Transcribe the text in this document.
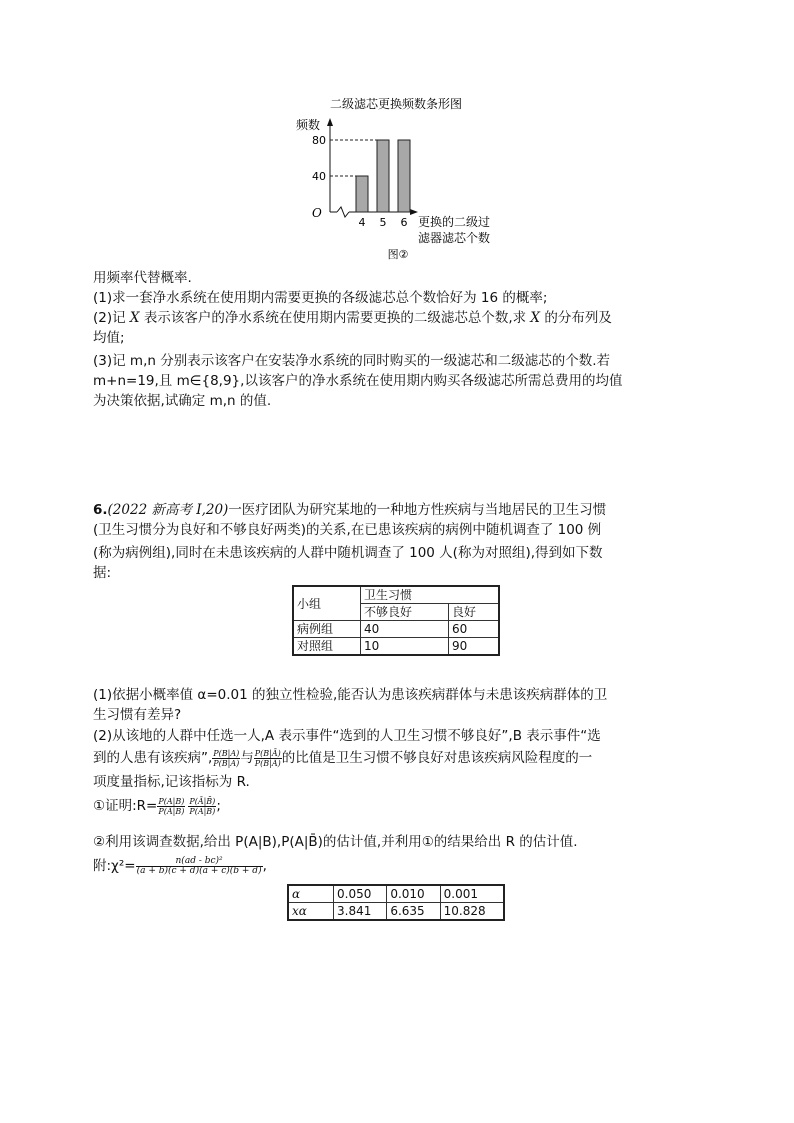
二级滤芯更换频数条形图
频数
O
40
80
4 5 6 更换的二级过
滤器滤芯个数
图②
用频率代替概率.
(1)求一套净水系统在使用期内需要更换的各级滤芯总个数恰好为 16 的概率;
(2)记 X 表示该客户的净水系统在使用期内需要更换的二级滤芯总个数,求 X 的分布列及
均值;
(3)记 m,n 分别表示该客户在安装净水系统的同时购买的一级滤芯和二级滤芯的个数.若
m+n=19,且 m∈{8,9},以该客户的净水系统在使用期内购买各级滤芯所需总费用的均值
为决策依据,试确定 m,n 的值.
6.(2022 新高考 Ⅰ,20)一医疗团队为研究某地的一种地方性疾病与当地居民的卫生习惯
(卫生习惯分为良好和不够良好两类)的关系,在已患该疾病的病例中随机调查了 100 例
(称为病例组),同时在未患该疾病的人群中随机调查了 100 人(称为对照组),得到如下数
据:
小组	卫生习惯	
	不够良好	良好
病例组	40	60
对照组	10	90
(1)依据小概率值 α=0.01 的独立性检验,能否认为患该疾病群体与未患该疾病群体的卫
生习惯有差异?
(2)从该地的人群中任选一人,A 表示事件“选到的人卫生习惯不够良好”,B 表示事件“选
到的人患有该疾病”, $\frac{P(B|A)}{P(B̄|A)}$ 与 $\frac{P(B|Ā)}{P(B̄|Ā)}$ 的比值是卫生习惯不够良好对患该疾病风险程度的一
项度量指标,记该指标为 R.
①证明:R= $\frac{P(A|B)}{P(Ā|B)} \frac{P(Ā|B̄)}{P(A|B̄)}$ ;
②利用该调查数据,给出 P(A|B),P(A|B̄)的估计值,并利用①的结果给出 R 的估计值.
附:χ²= $\frac{\text{n(ad - bc)²}}{(a + b)(c + d)(a + c)(b + d)}$ ,
α	0.050	0.010	0.001
xα	3.841	6.635	10.828
